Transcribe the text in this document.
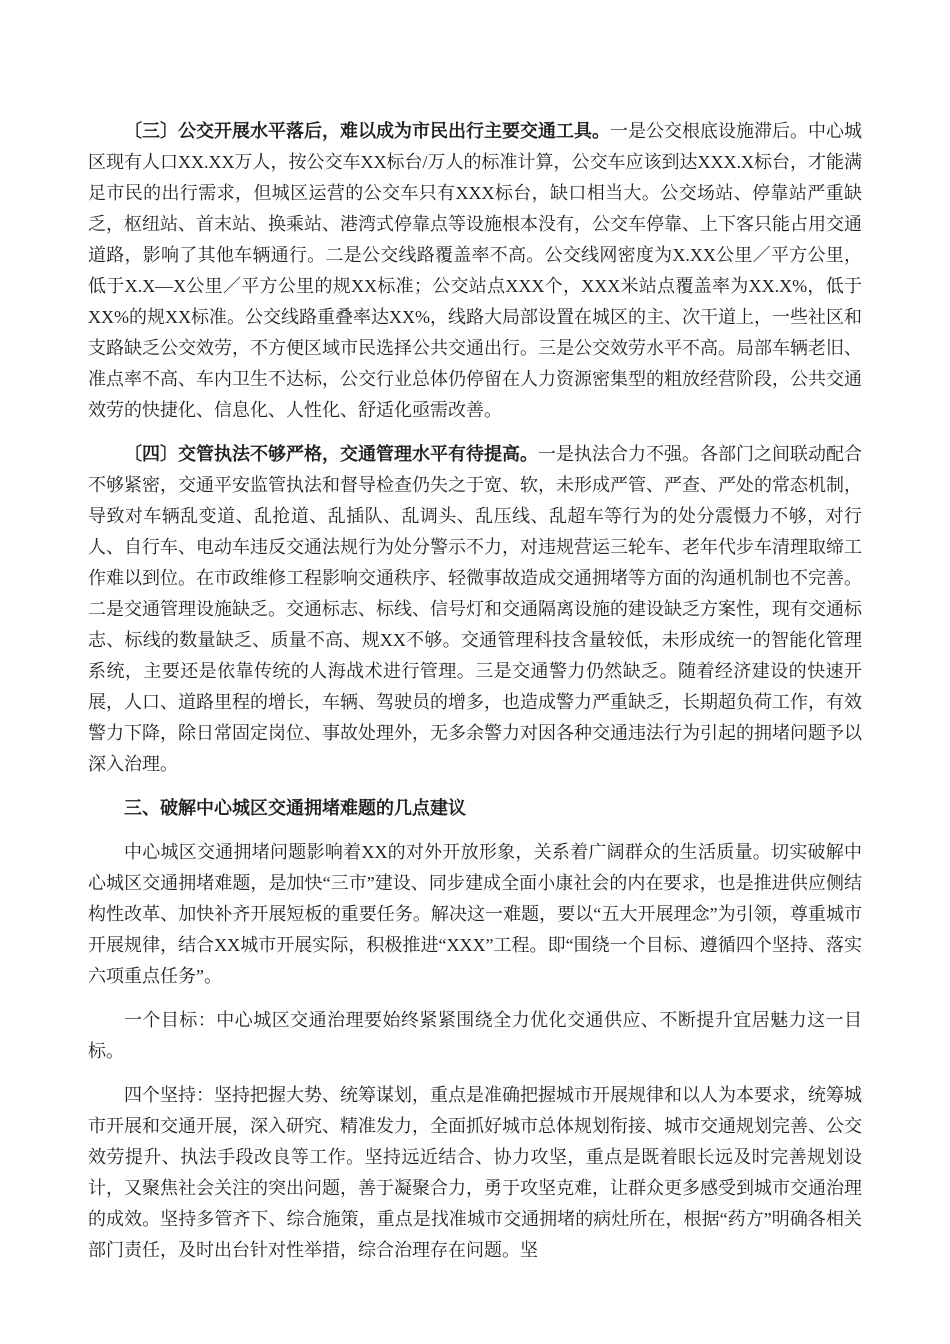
〔三〕公交开展水平落后，难以成为市民出行主要交通工具。一是公交根底设施滞后。中心城区现有人口XX.XX万人，按公交车XX标台/万人的标准计算，公交车应该到达XXX.X标台，才能满足市民的出行需求，但城区运营的公交车只有XXX标台，缺口相当大。公交场站、停靠站严重缺乏，枢纽站、首末站、换乘站、港湾式停靠点等设施根本没有，公交车停靠、上下客只能占用交通道路，影响了其他车辆通行。二是公交线路覆盖率不高。公交线网密度为X.XX公里／平方公里，低于X.X—X公里／平方公里的规XX标准；公交站点XXX个，XXX米站点覆盖率为XX.X%，低于XX%的规XX标准。公交线路重叠率达XX%，线路大局部设置在城区的主、次干道上，一些社区和支路缺乏公交效劳，不方便区域市民选择公共交通出行。三是公交效劳水平不高。局部车辆老旧、准点率不高、车内卫生不达标，公交行业总体仍停留在人力资源密集型的粗放经营阶段，公共交通效劳的快捷化、信息化、人性化、舒适化亟需改善。

〔四〕交管执法不够严格，交通管理水平有待提高。一是执法合力不强。各部门之间联动配合不够紧密，交通平安监管执法和督导检查仍失之于宽、软，未形成严管、严查、严处的常态机制，导致对车辆乱变道、乱抢道、乱插队、乱调头、乱压线、乱超车等行为的处分震慑力不够，对行人、自行车、电动车违反交通法规行为处分警示不力，对违规营运三轮车、老年代步车清理取缔工作难以到位。在市政维修工程影响交通秩序、轻微事故造成交通拥堵等方面的沟通机制也不完善。二是交通管理设施缺乏。交通标志、标线、信号灯和交通隔离设施的建设缺乏方案性，现有交通标志、标线的数量缺乏、质量不高、规XX不够。交通管理科技含量较低，未形成统一的智能化管理系统，主要还是依靠传统的人海战术进行管理。三是交通警力仍然缺乏。随着经济建设的快速开展，人口、道路里程的增长，车辆、驾驶员的增多，也造成警力严重缺乏，长期超负荷工作，有效警力下降，除日常固定岗位、事故处理外，无多余警力对因各种交通违法行为引起的拥堵问题予以深入治理。

三、破解中心城区交通拥堵难题的几点建议

中心城区交通拥堵问题影响着XX的对外开放形象，关系着广阔群众的生活质量。切实破解中心城区交通拥堵难题，是加快“三市”建设、同步建成全面小康社会的内在要求，也是推进供应侧结构性改革、加快补齐开展短板的重要任务。解决这一难题，要以“五大开展理念”为引领，尊重城市开展规律，结合XX城市开展实际，积极推进“XXX”工程。即“围绕一个目标、遵循四个坚持、落实六项重点任务”。

一个目标：中心城区交通治理要始终紧紧围绕全力优化交通供应、不断提升宜居魅力这一目标。

四个坚持：坚持把握大势、统筹谋划，重点是准确把握城市开展规律和以人为本要求，统筹城市开展和交通开展，深入研究、精准发力，全面抓好城市总体规划衔接、城市交通规划完善、公交效劳提升、执法手段改良等工作。坚持远近结合、协力攻坚，重点是既着眼长远及时完善规划设计，又聚焦社会关注的突出问题，善于凝聚合力，勇于攻坚克难，让群众更多感受到城市交通治理的成效。坚持多管齐下、综合施策，重点是找准城市交通拥堵的病灶所在，根据“药方”明确各相关部门责任，及时出台针对性举措，综合治理存在问题。坚
